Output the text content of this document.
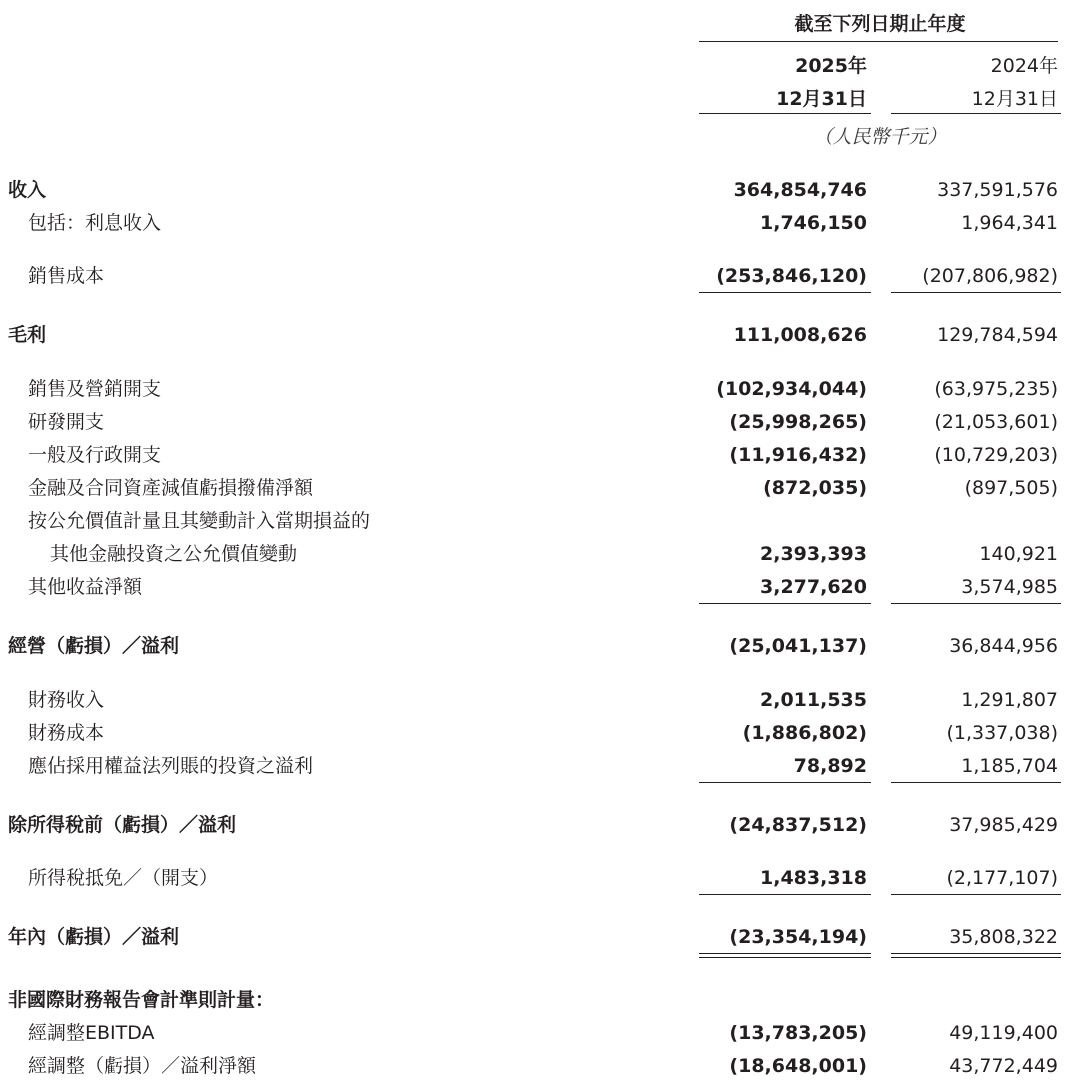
截至下列日期止年度
2025年	2024年
12月31日	12月31日
（人民幣千元）
收入	364,854,746	337,591,576
包括：利息收入	1,746,150	1,964,341
銷售成本	(253,846,120)	(207,806,982)
毛利	111,008,626	129,784,594
銷售及營銷開支	(102,934,044)	(63,975,235)
研發開支	(25,998,265)	(21,053,601)
一般及行政開支	(11,916,432)	(10,729,203)
金融及合同資產減值虧損撥備淨額	(872,035)	(897,505)
按公允價值計量且其變動計入當期損益的
其他金融投資之公允價值變動	2,393,393	140,921
其他收益淨額	3,277,620	3,574,985
經營（虧損）／溢利	(25,041,137)	36,844,956
財務收入	2,011,535	1,291,807
財務成本	(1,886,802)	(1,337,038)
應佔採用權益法列賬的投資之溢利	78,892	1,185,704
除所得稅前（虧損）／溢利	(24,837,512)	37,985,429
所得稅抵免／（開支）	1,483,318	(2,177,107)
年內（虧損）／溢利	(23,354,194)	35,808,322
非國際財務報告會計準則計量：
經調整EBITDA	(13,783,205)	49,119,400
經調整（虧損）／溢利淨額	(18,648,001)	43,772,449
